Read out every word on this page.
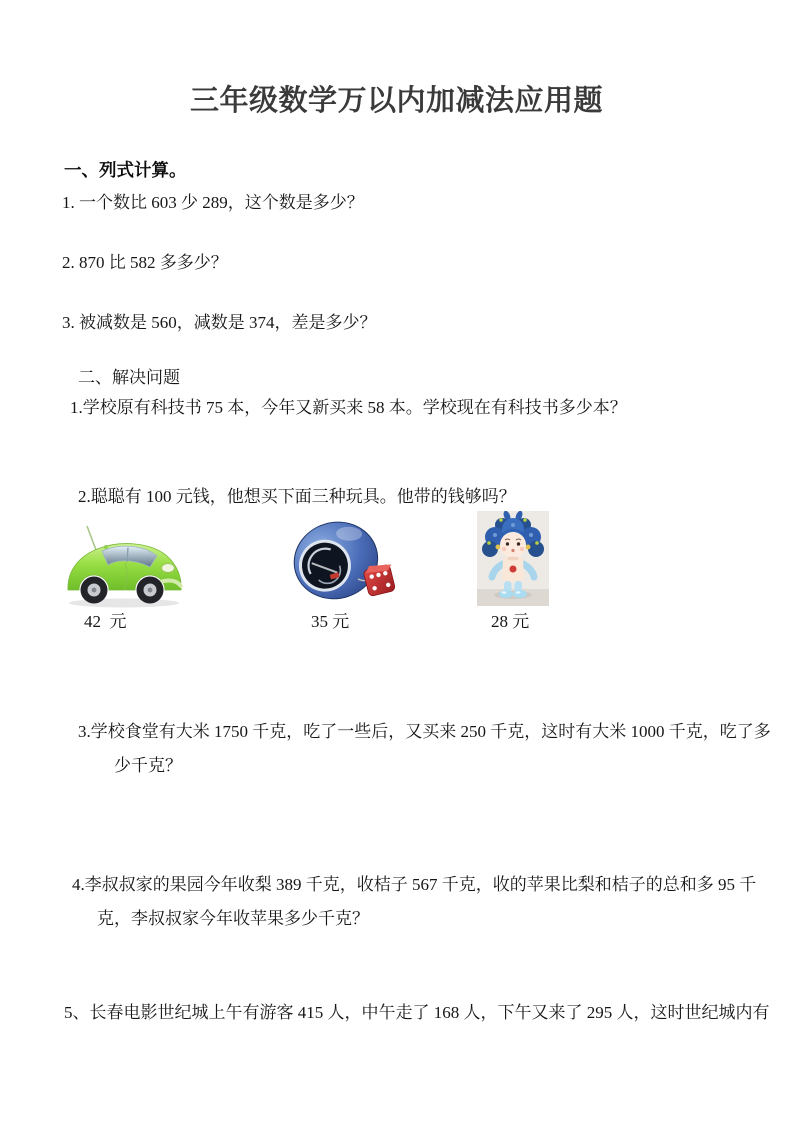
三年级数学万以内加减法应用题
一、列式计算。
1. 一个数比 603 少 289，这个数是多少？
2. 870 比 582 多多少？
3. 被减数是 560，减数是 374，差是多少？
二、解决问题
1.学校原有科技书 75 本，今年又新买来 58 本。学校现在有科技书多少本？
2.聪聪有 100 元钱，他想买下面三种玩具。他带的钱够吗？
42  元	35 元	28 元
3.学校食堂有大米 1750 千克，吃了一些后，又买来 250 千克，这时有大米 1000 千克，吃了多
少千克？
4.李叔叔家的果园今年收梨 389 千克，收桔子 567 千克，收的苹果比梨和桔子的总和多 95 千
克，李叔叔家今年收苹果多少千克？
5、长春电影世纪城上午有游客 415 人，中午走了 168 人，下午又来了 295 人，这时世纪城内有
